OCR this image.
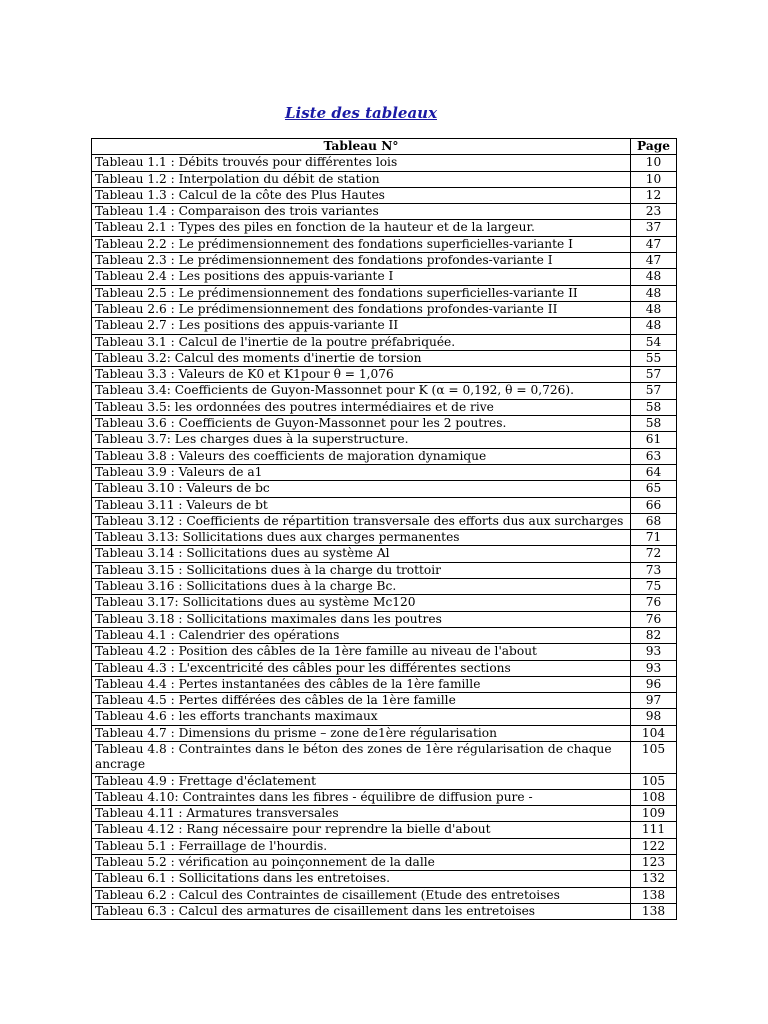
Liste des tableaux
Tableau N°	Page
Tableau 1.1 : Débits trouvés pour différentes lois	10
Tableau 1.2 : Interpolation du débit de station	10
Tableau 1.3 : Calcul de la côte des Plus Hautes	12
Tableau 1.4 : Comparaison des trois variantes	23
Tableau 2.1 : Types des piles en fonction de la hauteur et de la largeur.	37
Tableau 2.2 : Le prédimensionnement des fondations superficielles-variante I	47
Tableau 2.3 : Le prédimensionnement des fondations profondes-variante I	47
Tableau 2.4 : Les positions des appuis-variante I	48
Tableau 2.5 : Le prédimensionnement des fondations superficielles-variante II	48
Tableau 2.6 : Le prédimensionnement des fondations profondes-variante II	48
Tableau 2.7 : Les positions des appuis-variante II	48
Tableau 3.1 : Calcul de l'inertie de la poutre préfabriquée.	54
Tableau 3.2: Calcul des moments d'inertie de torsion	55
Tableau 3.3 : Valeurs de K0 et K1pour θ = 1,076	57
Tableau 3.4: Coefficients de Guyon-Massonnet pour K (α = 0,192, θ = 0,726).	57
Tableau 3.5: les ordonnées des poutres intermédiaires et de rive	58
Tableau 3.6 : Coefficients de Guyon-Massonnet pour les 2 poutres.	58
Tableau 3.7: Les charges dues à la superstructure.	61
Tableau 3.8 : Valeurs des coefficients de majoration dynamique	63
Tableau 3.9 : Valeurs de a1	64
Tableau 3.10 : Valeurs de bc	65
Tableau 3.11 : Valeurs de bt	66
Tableau 3.12 : Coefficients de répartition transversale des efforts dus aux surcharges	68
Tableau 3.13: Sollicitations dues aux charges permanentes	71
Tableau 3.14 : Sollicitations dues au système Al	72
Tableau 3.15 : Sollicitations dues à la charge du trottoir	73
Tableau 3.16 : Sollicitations dues à la charge Bc.	75
Tableau 3.17: Sollicitations dues au système Mc120	76
Tableau 3.18 : Sollicitations maximales dans les poutres	76
Tableau 4.1 : Calendrier des opérations	82
Tableau 4.2 : Position des câbles de la 1ère famille au niveau de l'about	93
Tableau 4.3 : L'excentricité des câbles pour les différentes sections	93
Tableau 4.4 : Pertes instantanées des câbles de la 1ère famille	96
Tableau 4.5 : Pertes différées des câbles de la 1ère famille	97
Tableau 4.6 : les efforts tranchants maximaux	98
Tableau 4.7 : Dimensions du prisme – zone de1ère régularisation	104
Tableau 4.8 : Contraintes dans le béton des zones de 1ère régularisation de chaque ancrage	105
Tableau 4.9 : Frettage d'éclatement	105
Tableau 4.10: Contraintes dans les fibres - équilibre de diffusion pure -	108
Tableau 4.11 : Armatures transversales	109
Tableau 4.12 : Rang nécessaire pour reprendre la bielle d'about	111
Tableau 5.1 : Ferraillage de l'hourdis.	122
Tableau 5.2 : vérification au poinçonnement de la dalle	123
Tableau 6.1 : Sollicitations dans les entretoises.	132
Tableau 6.2 : Calcul des Contraintes de cisaillement (Etude des entretoises	138
Tableau 6.3 : Calcul des armatures de cisaillement dans les entretoises	138
